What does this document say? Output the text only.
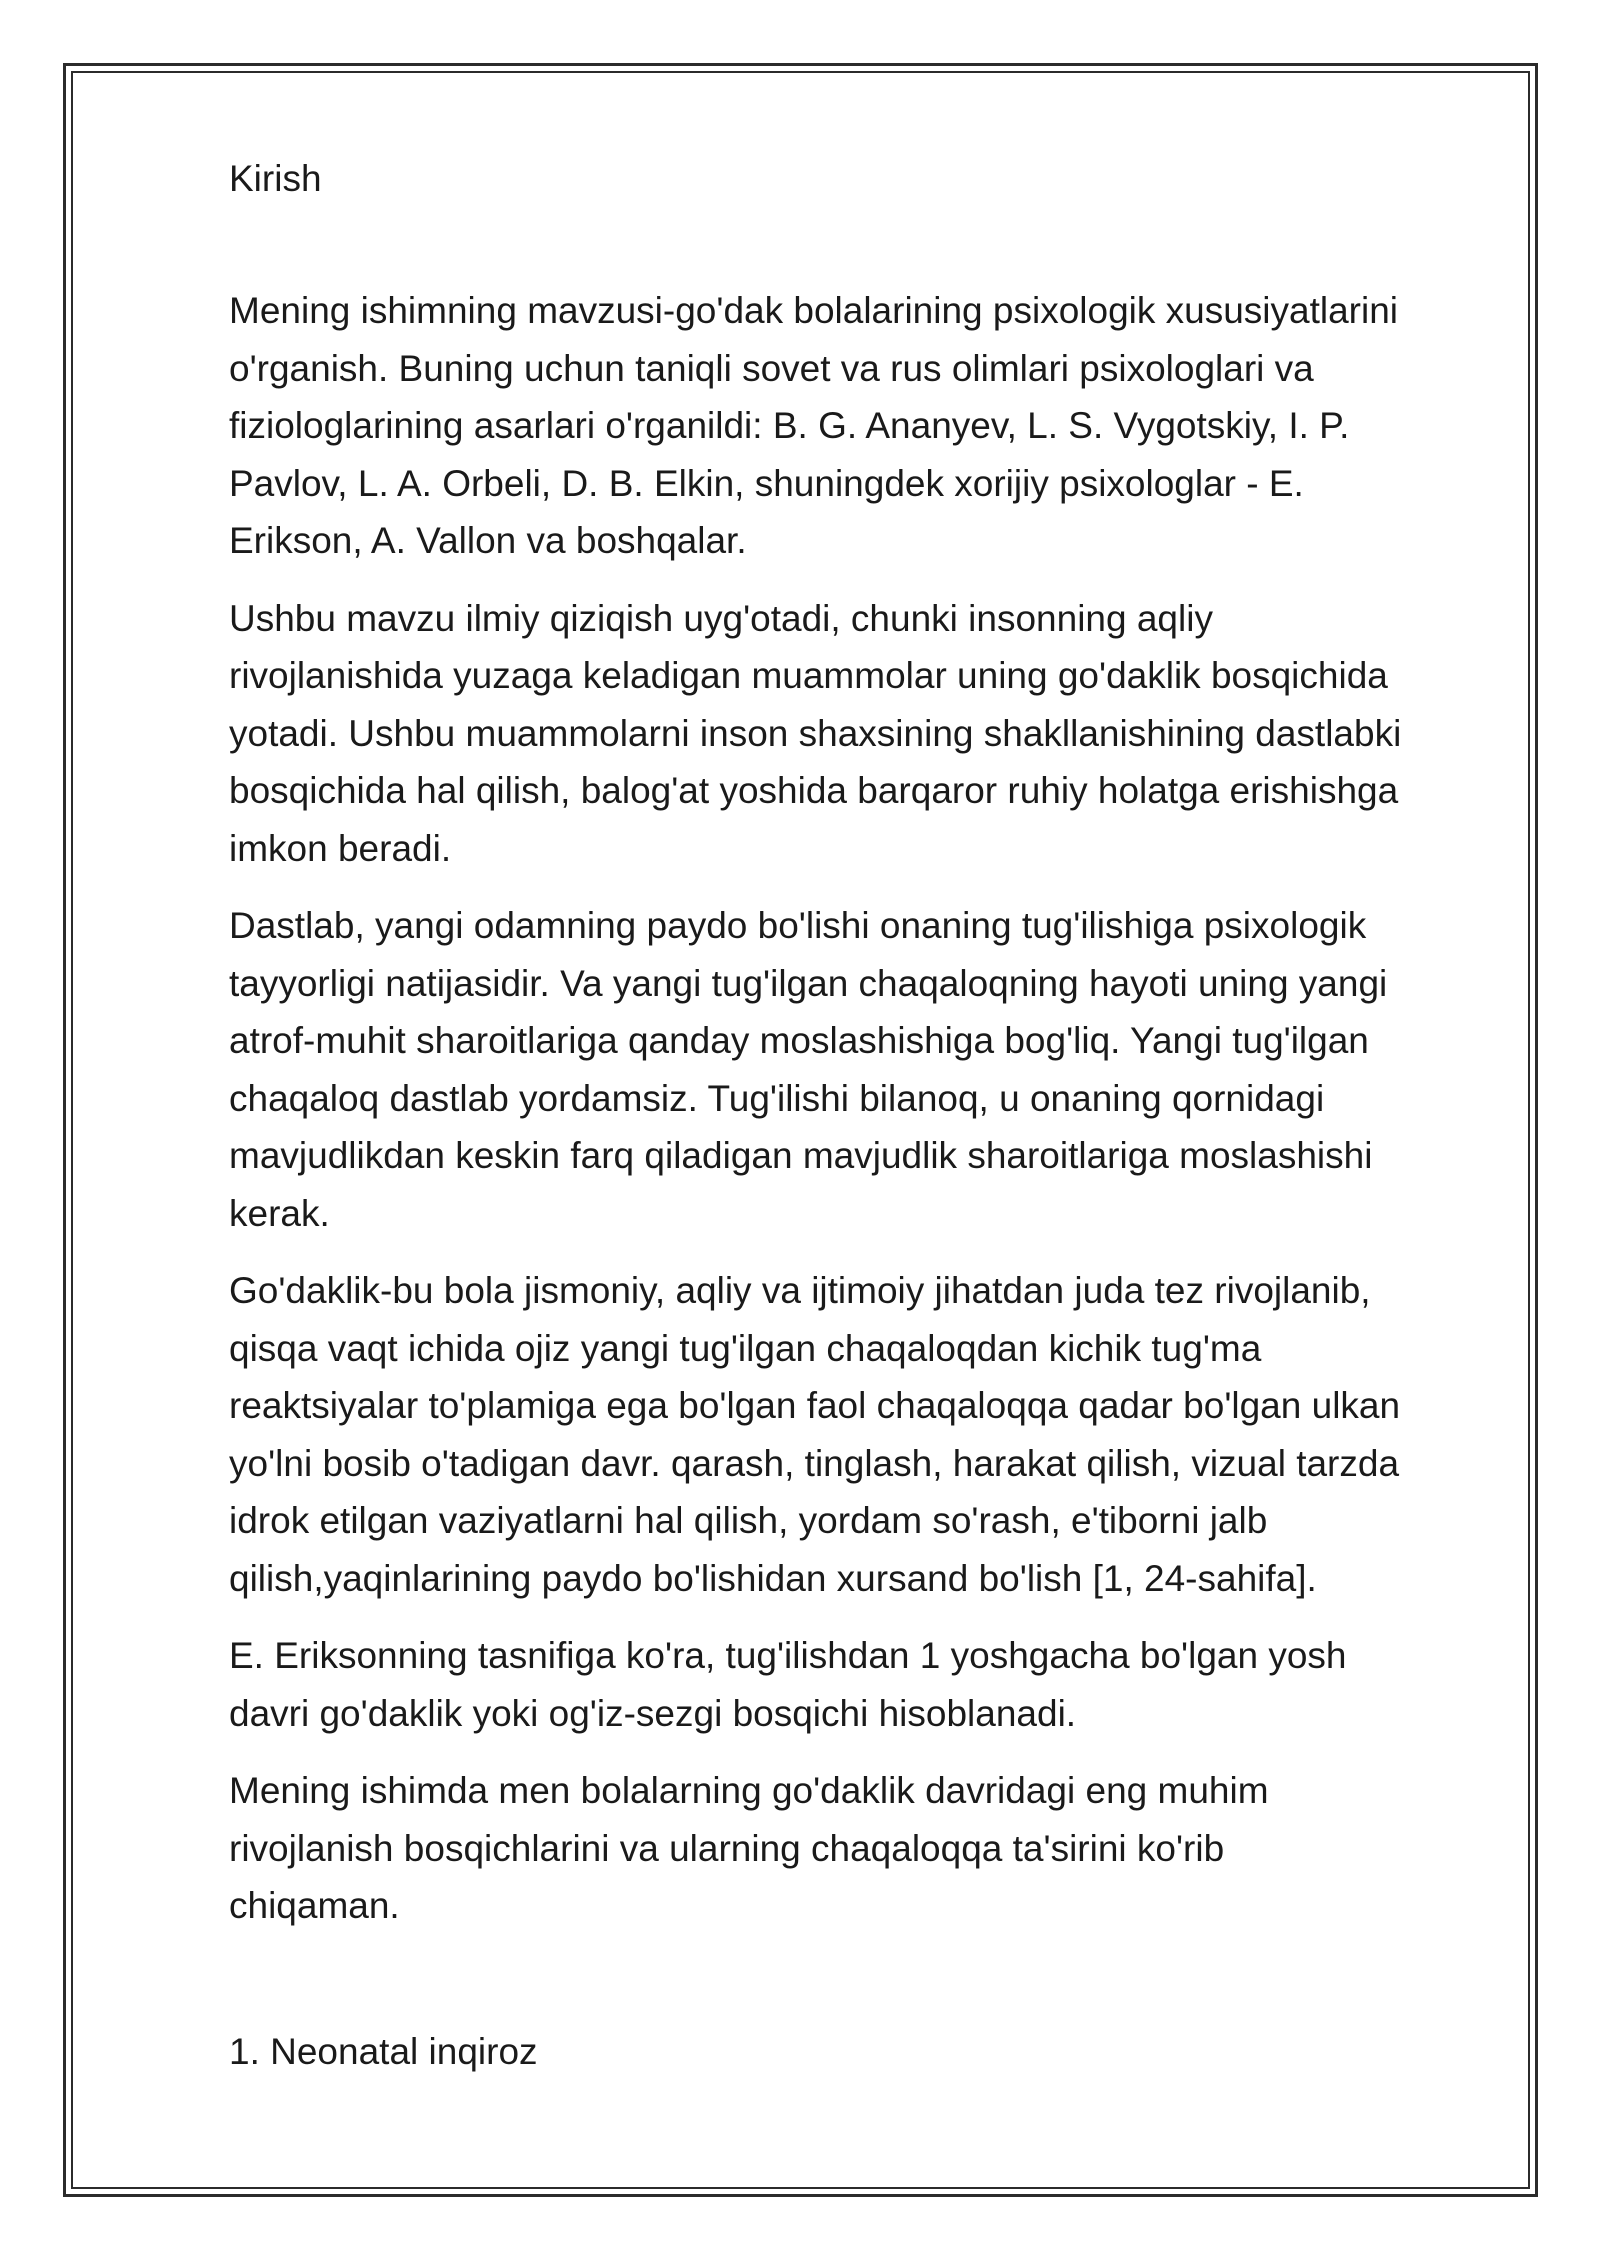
Kirish

Mening ishimning mavzusi-go'dak bolalarining psixologik xususiyatlarini
o'rganish. Buning uchun taniqli sovet va rus olimlari psixologlari va
fiziologlarining asarlari o'rganildi: B. G. Ananyev, L. S. Vygotskiy, I. P.
Pavlov, L. A. Orbeli, D. B. Elkin, shuningdek xorijiy psixologlar - E.
Erikson, A. Vallon va boshqalar.

Ushbu mavzu ilmiy qiziqish uyg'otadi, chunki insonning aqliy
rivojlanishida yuzaga keladigan muammolar uning go'daklik bosqichida
yotadi. Ushbu muammolarni inson shaxsining shakllanishining dastlabki
bosqichida hal qilish, balog'at yoshida barqaror ruhiy holatga erishishga
imkon beradi.

Dastlab, yangi odamning paydo bo'lishi onaning tug'ilishiga psixologik
tayyorligi natijasidir. Va yangi tug'ilgan chaqaloqning hayoti uning yangi
atrof-muhit sharoitlariga qanday moslashishiga bog'liq. Yangi tug'ilgan
chaqaloq dastlab yordamsiz. Tug'ilishi bilanoq, u onaning qornidagi
mavjudlikdan keskin farq qiladigan mavjudlik sharoitlariga moslashishi
kerak.

Go'daklik-bu bola jismoniy, aqliy va ijtimoiy jihatdan juda tez rivojlanib,
qisqa vaqt ichida ojiz yangi tug'ilgan chaqaloqdan kichik tug'ma
reaktsiyalar to'plamiga ega bo'lgan faol chaqaloqqa qadar bo'lgan ulkan
yo'lni bosib o'tadigan davr. qarash, tinglash, harakat qilish, vizual tarzda
idrok etilgan vaziyatlarni hal qilish, yordam so'rash, e'tiborni jalb
qilish,yaqinlarining paydo bo'lishidan xursand bo'lish [1, 24-sahifa].

E. Eriksonning tasnifiga ko'ra, tug'ilishdan 1 yoshgacha bo'lgan yosh
davri go'daklik yoki og'iz-sezgi bosqichi hisoblanadi.

Mening ishimda men bolalarning go'daklik davridagi eng muhim
rivojlanish bosqichlarini va ularning chaqaloqqa ta'sirini ko'rib
chiqaman.

1. Neonatal inqiroz
